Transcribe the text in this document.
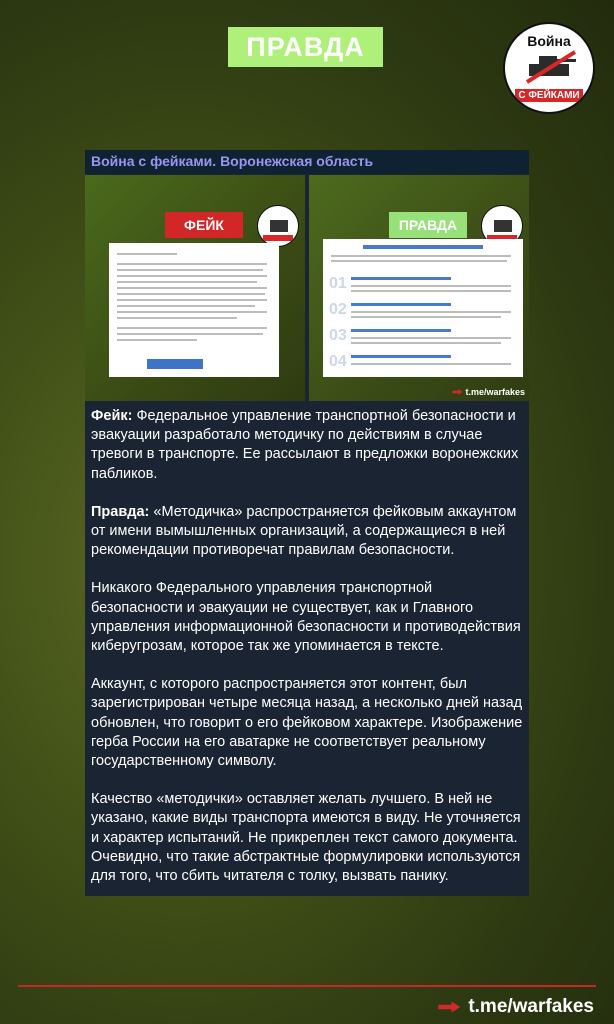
ПРАВДА	Война
С ФЕЙКАМИ
Война с фейками. Воронежская область
ФЕЙК	ПРАВДА
01
02
03
04
t.me/warfakes

Фейк: Федеральное управление транспортной безопасности и эвакуации разработало методичку по действиям в случае тревоги в транспорте. Ее рассылают в предложки воронежских пабликов.

Правда: «Методичка» распространяется фейковым аккаунтом от имени вымышленных организаций, а содержащиеся в ней рекомендации противоречат правилам безопасности.

Никакого Федерального управления транспортной безопасности и эвакуации не существует, как и Главного управления информационной безопасности и противодействия киберугрозам, которое так же упоминается в тексте.

Аккаунт, с которого распространяется этот контент, был зарегистрирован четыре месяца назад, а несколько дней назад обновлен, что говорит о его фейковом характере. Изображение герба России на его аватарке не соответствует реальному государственному символу.

Качество «методички» оставляет желать лучшего. В ней не указано, какие виды транспорта имеются в виду. Не уточняется и характер испытаний. Не прикреплен текст самого документа. Очевидно, что такие абстрактные формулировки используются для того, что сбить читателя с толку, вызвать панику.

t.me/warfakes
